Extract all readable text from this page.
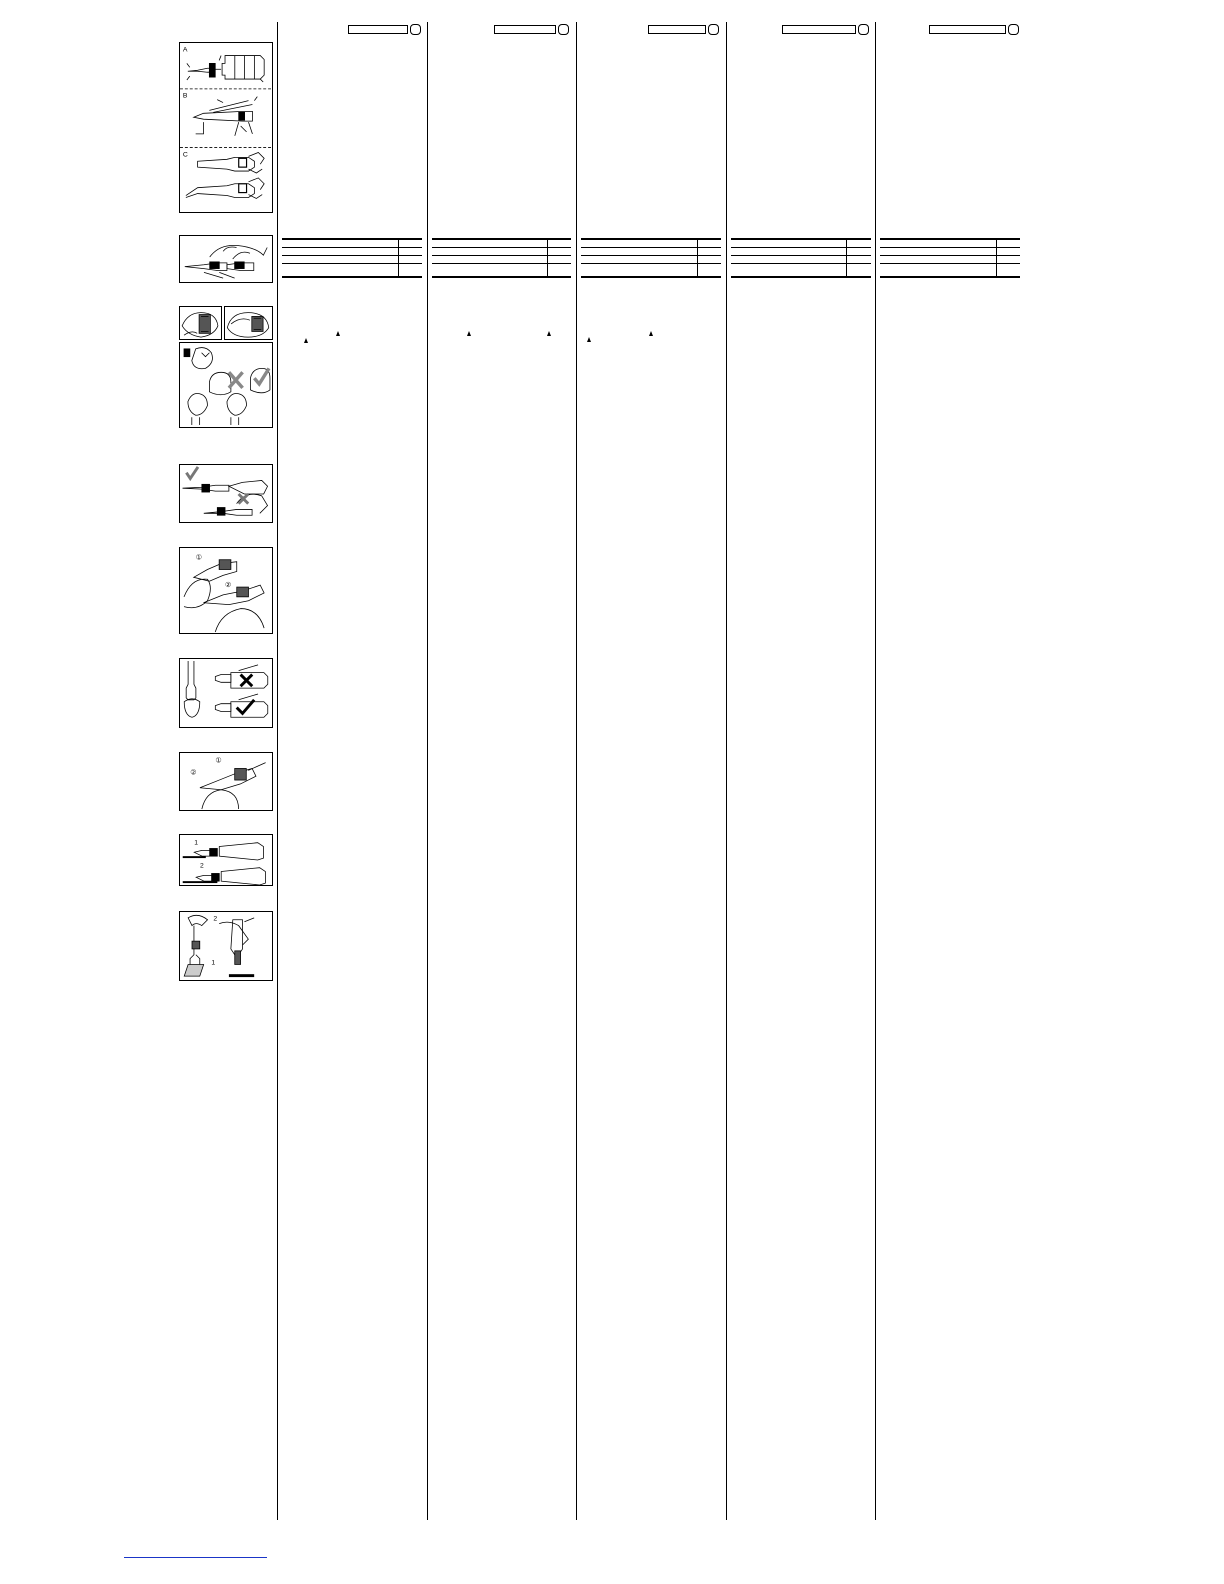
A
B
C
①
②
①
②
1
2
2
1
